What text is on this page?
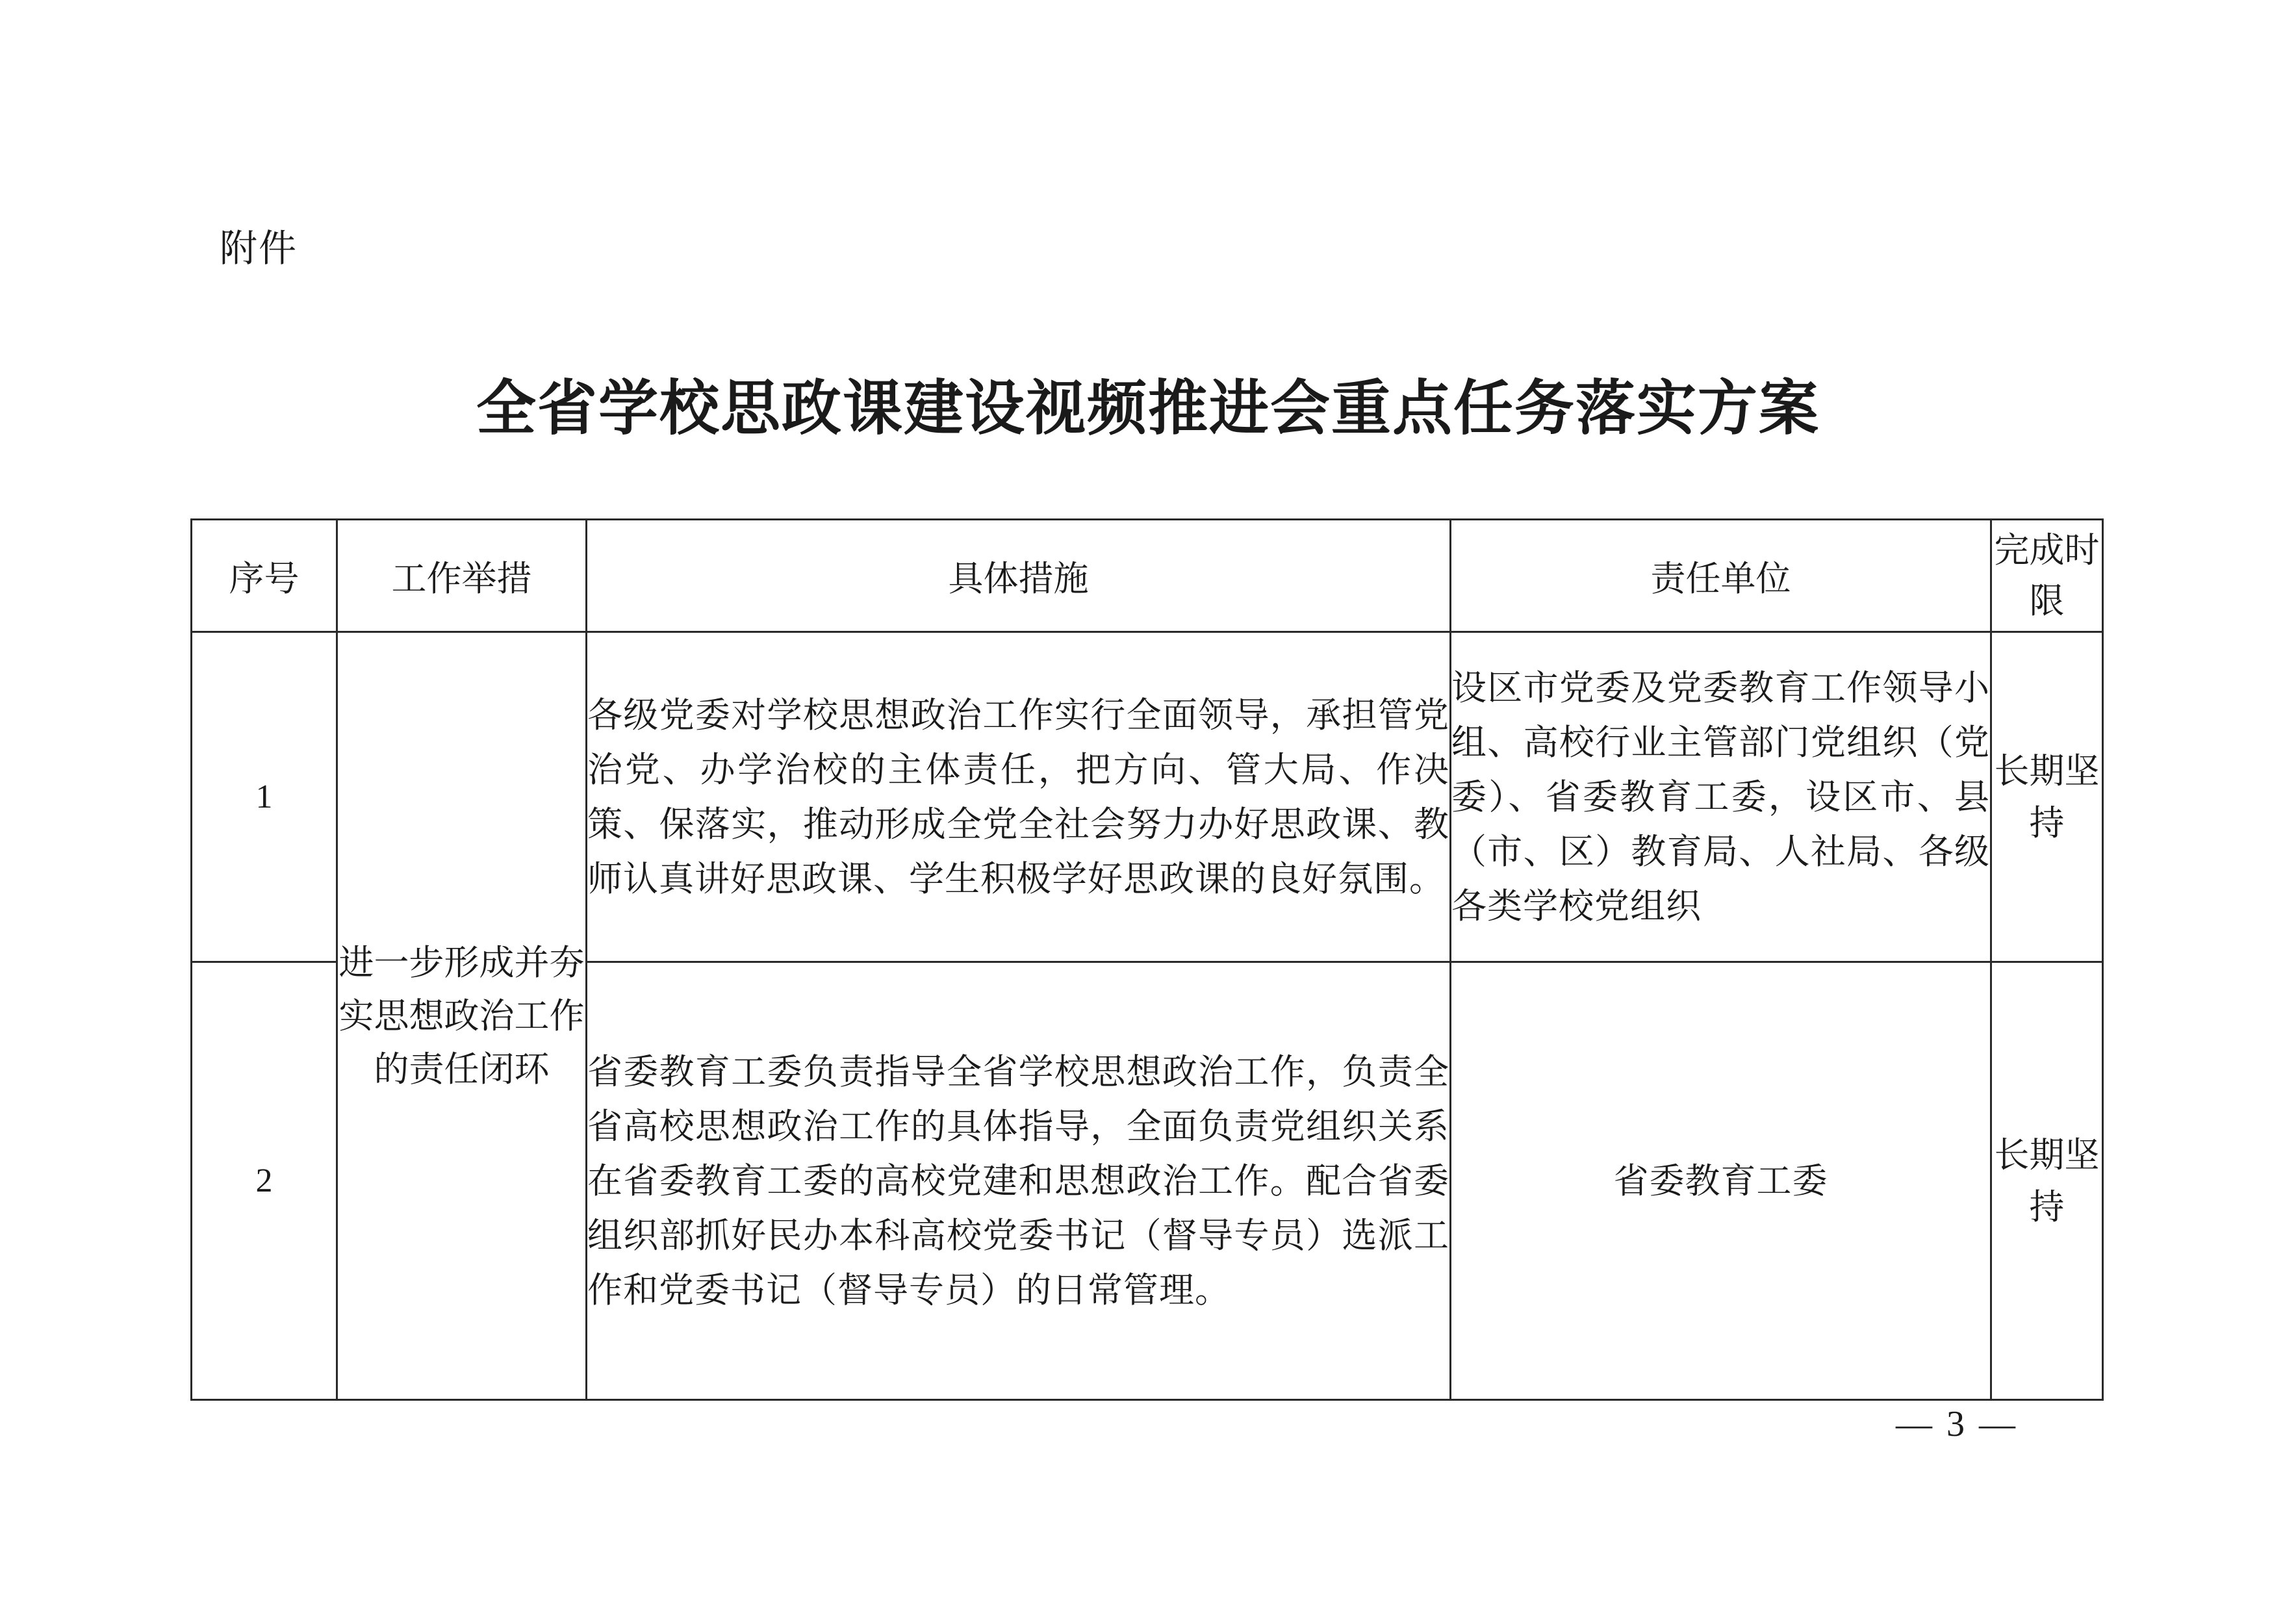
附件
全省学校思政课建设视频推进会重点任务落实方案
序号	工作举措	具体措施	责任单位	完成时限
1	进一步形成并夯实思想政治工作的责任闭环	各级党委对学校思想政治工作实行全面领导，承担管党治党、办学治校的主体责任，把方向、管大局、作决策、保落实，推动形成全党全社会努力办好思政课、教师认真讲好思政课、学生积极学好思政课的良好氛围。	设区市党委及党委教育工作领导小组、高校行业主管部门党组织（党委）、省委教育工委，设区市、县（市、区）教育局、人社局、各级各类学校党组织	长期坚持
2		省委教育工委负责指导全省学校思想政治工作，负责全省高校思想政治工作的具体指导，全面负责党组织关系在省委教育工委的高校党建和思想政治工作。配合省委组织部抓好民办本科高校党委书记（督导专员）选派工作和党委书记（督导专员）的日常管理。	省委教育工委	长期坚持
— 3 —
